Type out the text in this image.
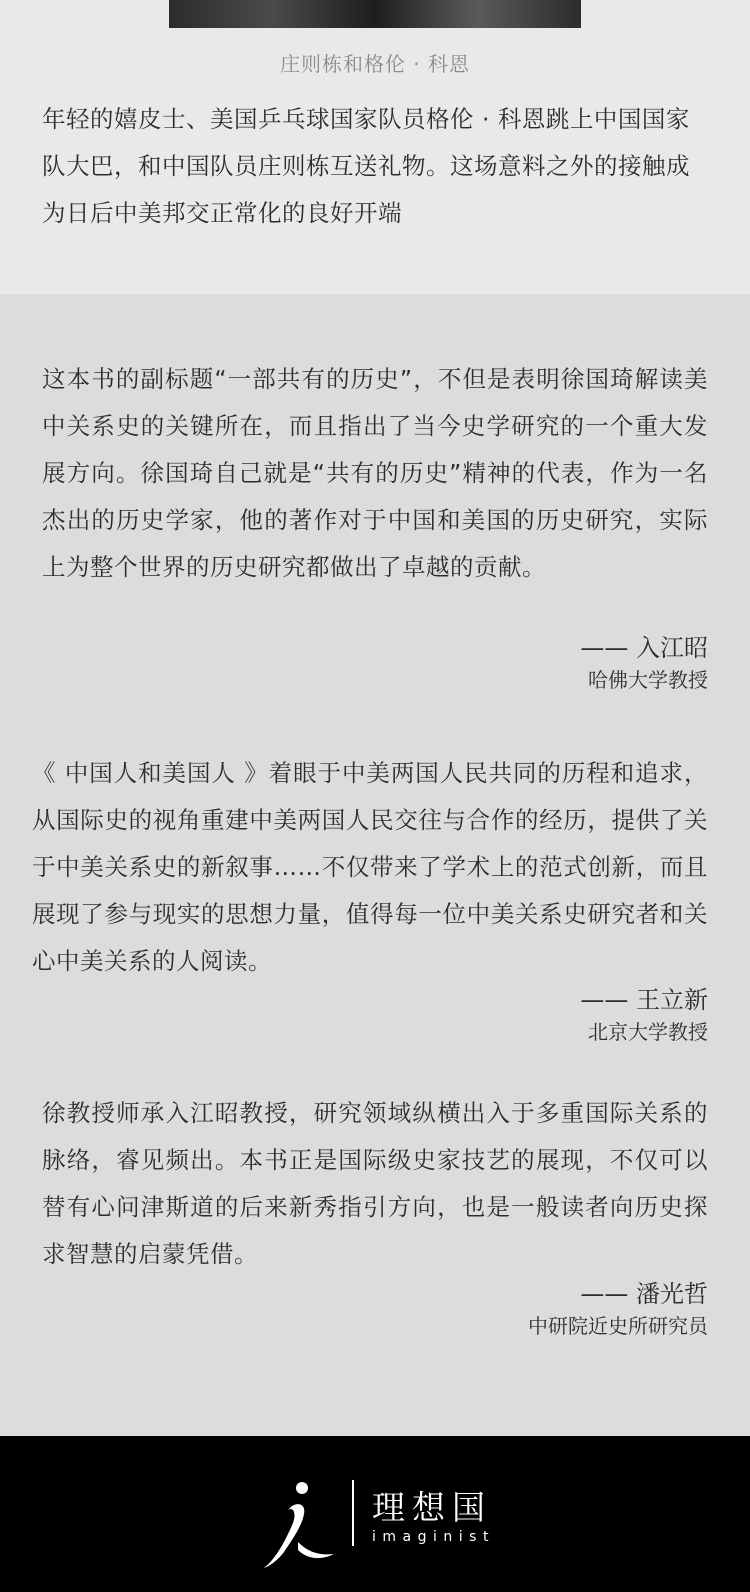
庄则栋和格伦 · 科恩
年轻的嬉皮士、美国乒乓球国家队员格伦 · 科恩跳上中国国家队大巴，和中国队员庄则栋互送礼物。这场意料之外的接触成为日后中美邦交正常化的良好开端
这本书的副标题“一部共有的历史”，不但是表明徐国琦解读美中关系史的关键所在，而且指出了当今史学研究的一个重大发展方向。徐国琦自己就是“共有的历史”精神的代表，作为一名杰出的历史学家，他的著作对于中国和美国的历史研究，实际上为整个世界的历史研究都做出了卓越的贡献。
—— 入江昭
哈佛大学教授
《 中国人和美国人 》着眼于中美两国人民共同的历程和追求，从国际史的视角重建中美两国人民交往与合作的经历，提供了关于中美关系史的新叙事……不仅带来了学术上的范式创新，而且展现了参与现实的思想力量，值得每一位中美关系史研究者和关心中美关系的人阅读。
—— 王立新
北京大学教授
徐教授师承入江昭教授，研究领域纵横出入于多重国际关系的脉络，睿见频出。本书正是国际级史家技艺的展现，不仅可以替有心问津斯道的后来新秀指引方向，也是一般读者向历史探求智慧的启蒙凭借。
—— 潘光哲
中研院近史所研究员
理想国
imaginist
